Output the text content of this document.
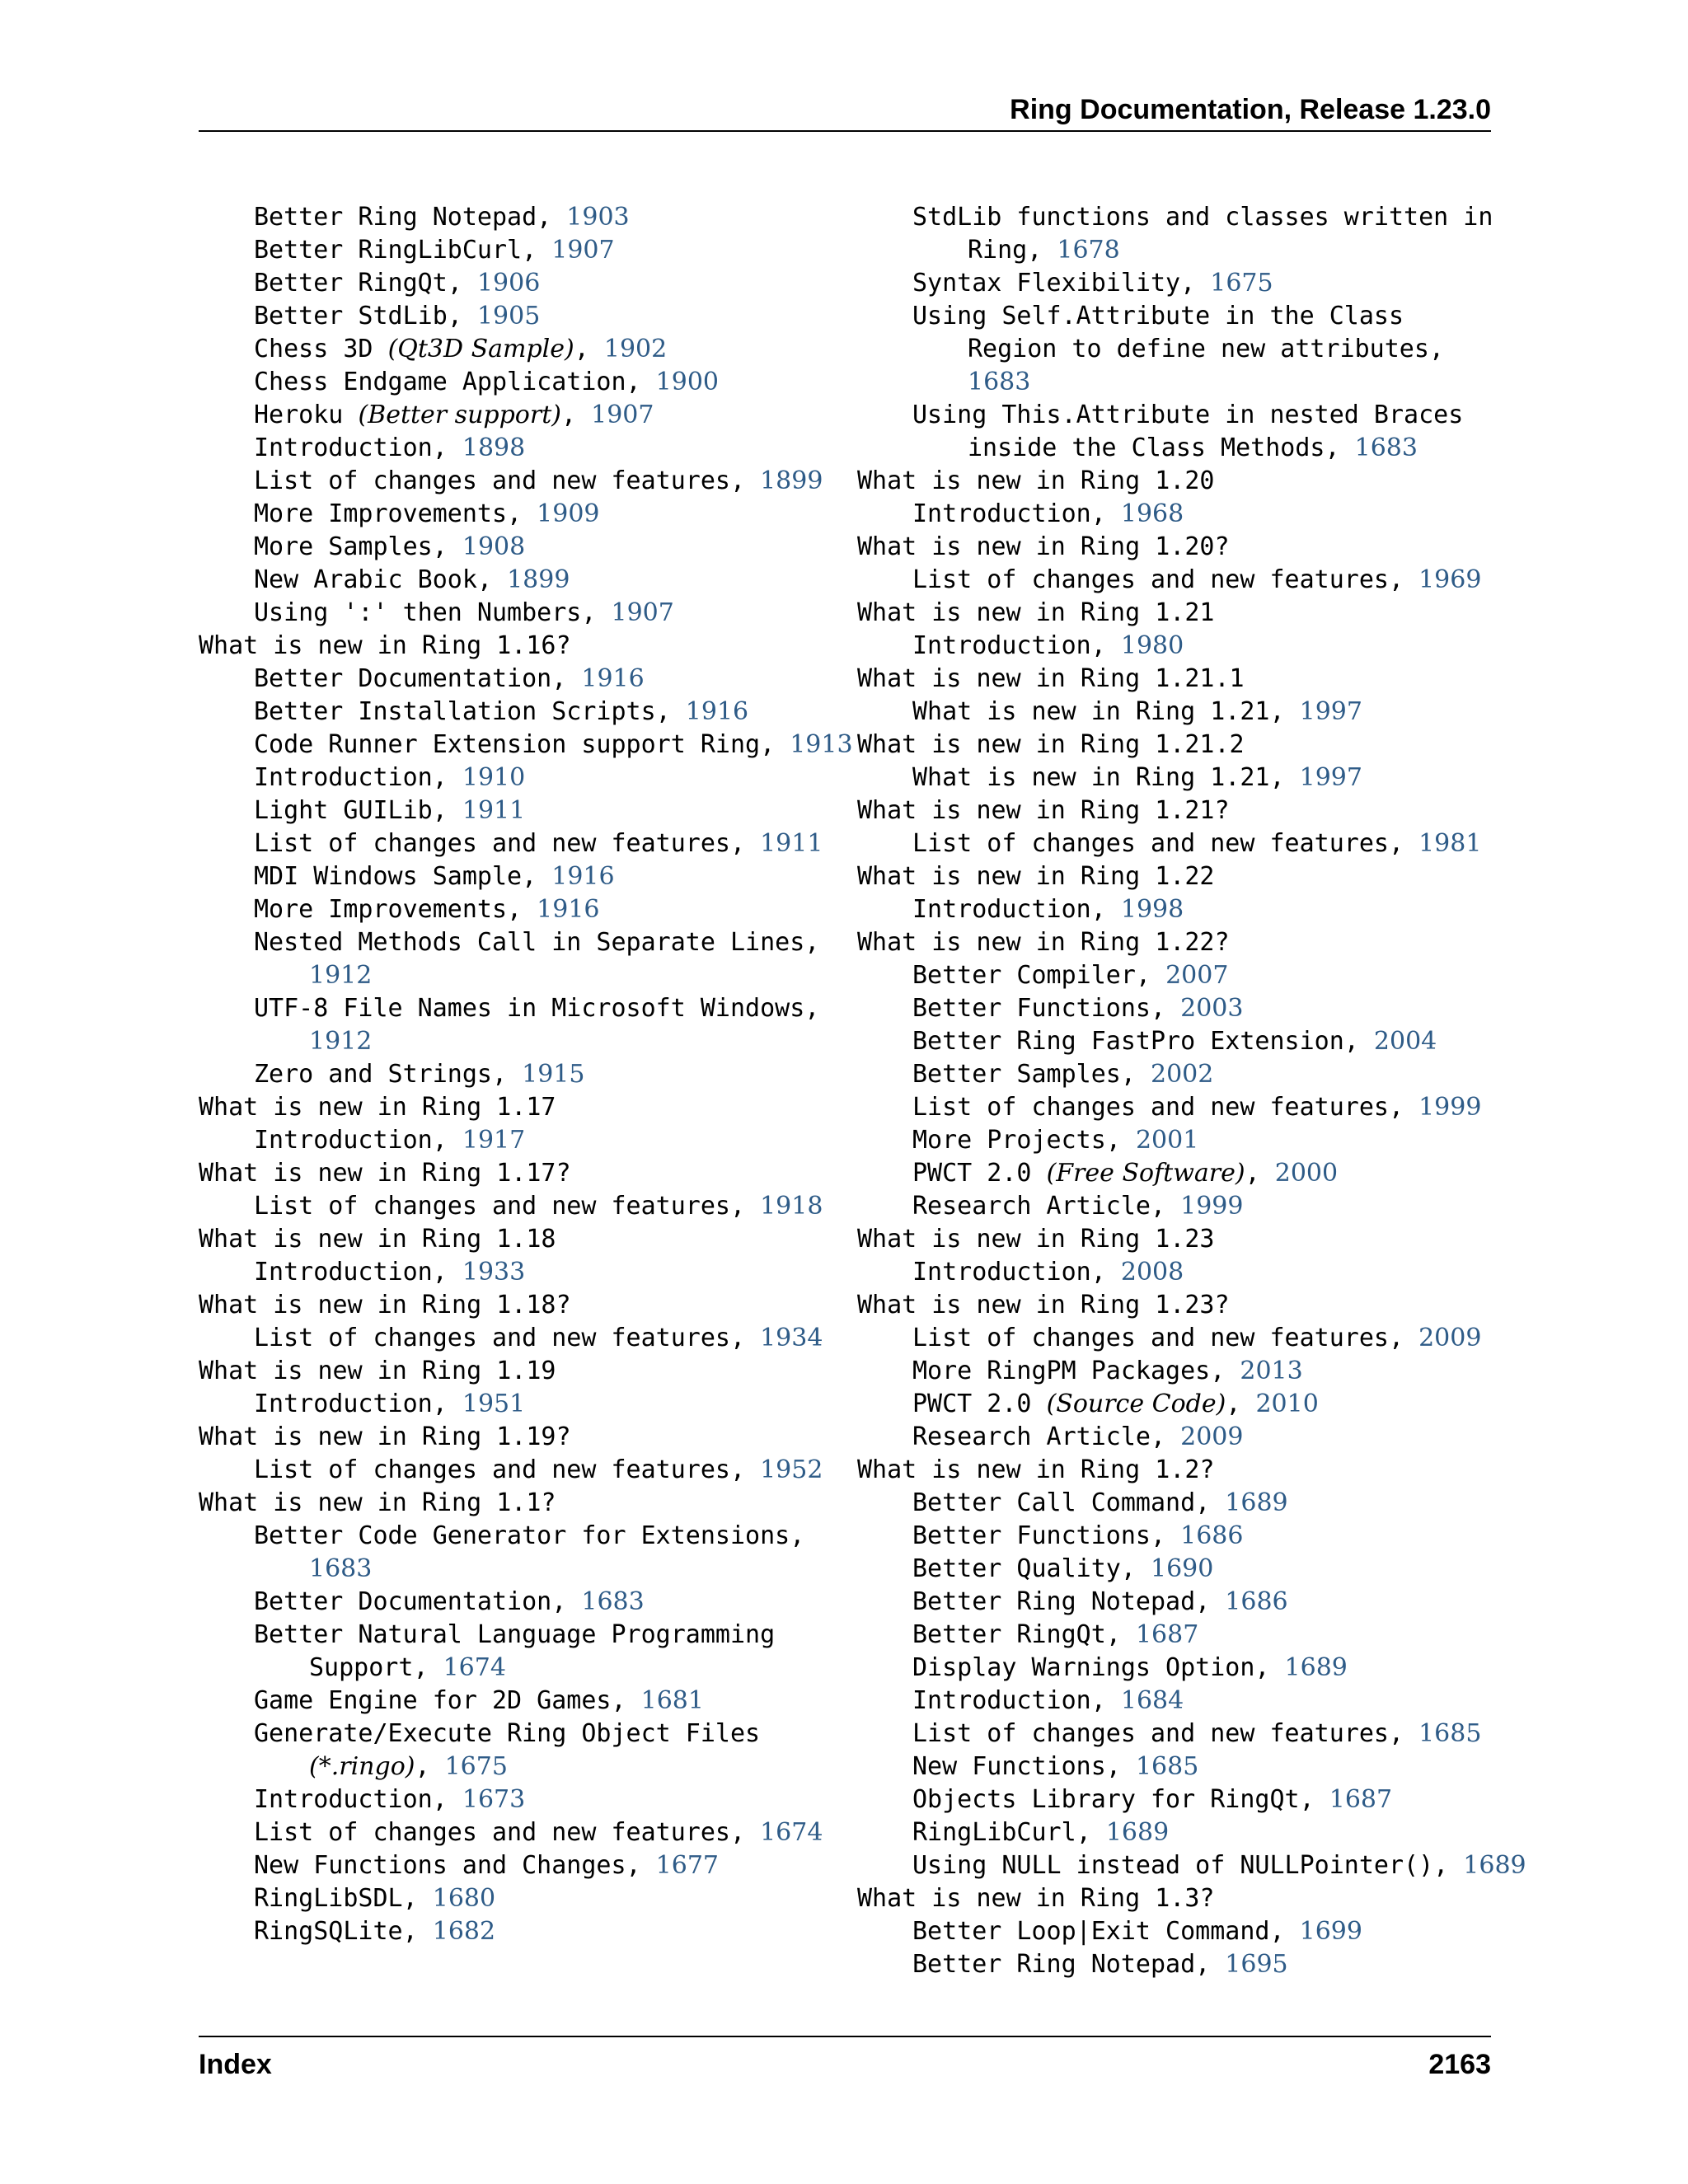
Ring Documentation, Release 1.23.0
Better Ring Notepad, 1903
Better RingLibCurl, 1907
Better RingQt, 1906
Better StdLib, 1905
Chess 3D (Qt3D Sample), 1902
Chess Endgame Application, 1900
Heroku (Better support), 1907
Introduction, 1898
List of changes and new features, 1899
More Improvements, 1909
More Samples, 1908
New Arabic Book, 1899
Using ':' then Numbers, 1907
What is new in Ring 1.16?
Better Documentation, 1916
Better Installation Scripts, 1916
Code Runner Extension support Ring, 1913
Introduction, 1910
Light GUILib, 1911
List of changes and new features, 1911
MDI Windows Sample, 1916
More Improvements, 1916
Nested Methods Call in Separate Lines,
1912
UTF-8 File Names in Microsoft Windows,
1912
Zero and Strings, 1915
What is new in Ring 1.17
Introduction, 1917
What is new in Ring 1.17?
List of changes and new features, 1918
What is new in Ring 1.18
Introduction, 1933
What is new in Ring 1.18?
List of changes and new features, 1934
What is new in Ring 1.19
Introduction, 1951
What is new in Ring 1.19?
List of changes and new features, 1952
What is new in Ring 1.1?
Better Code Generator for Extensions,
1683
Better Documentation, 1683
Better Natural Language Programming
Support, 1674
Game Engine for 2D Games, 1681
Generate/Execute Ring Object Files
(*.ringo), 1675
Introduction, 1673
List of changes and new features, 1674
New Functions and Changes, 1677
RingLibSDL, 1680
RingSQLite, 1682
StdLib functions and classes written in
Ring, 1678
Syntax Flexibility, 1675
Using Self.Attribute in the Class
Region to define new attributes,
1683
Using This.Attribute in nested Braces
inside the Class Methods, 1683
What is new in Ring 1.20
Introduction, 1968
What is new in Ring 1.20?
List of changes and new features, 1969
What is new in Ring 1.21
Introduction, 1980
What is new in Ring 1.21.1
What is new in Ring 1.21, 1997
What is new in Ring 1.21.2
What is new in Ring 1.21, 1997
What is new in Ring 1.21?
List of changes and new features, 1981
What is new in Ring 1.22
Introduction, 1998
What is new in Ring 1.22?
Better Compiler, 2007
Better Functions, 2003
Better Ring FastPro Extension, 2004
Better Samples, 2002
List of changes and new features, 1999
More Projects, 2001
PWCT 2.0 (Free Software), 2000
Research Article, 1999
What is new in Ring 1.23
Introduction, 2008
What is new in Ring 1.23?
List of changes and new features, 2009
More RingPM Packages, 2013
PWCT 2.0 (Source Code), 2010
Research Article, 2009
What is new in Ring 1.2?
Better Call Command, 1689
Better Functions, 1686
Better Quality, 1690
Better Ring Notepad, 1686
Better RingQt, 1687
Display Warnings Option, 1689
Introduction, 1684
List of changes and new features, 1685
New Functions, 1685
Objects Library for RingQt, 1687
RingLibCurl, 1689
Using NULL instead of NULLPointer(), 1689
What is new in Ring 1.3?
Better Loop|Exit Command, 1699
Better Ring Notepad, 1695
Index	2163
